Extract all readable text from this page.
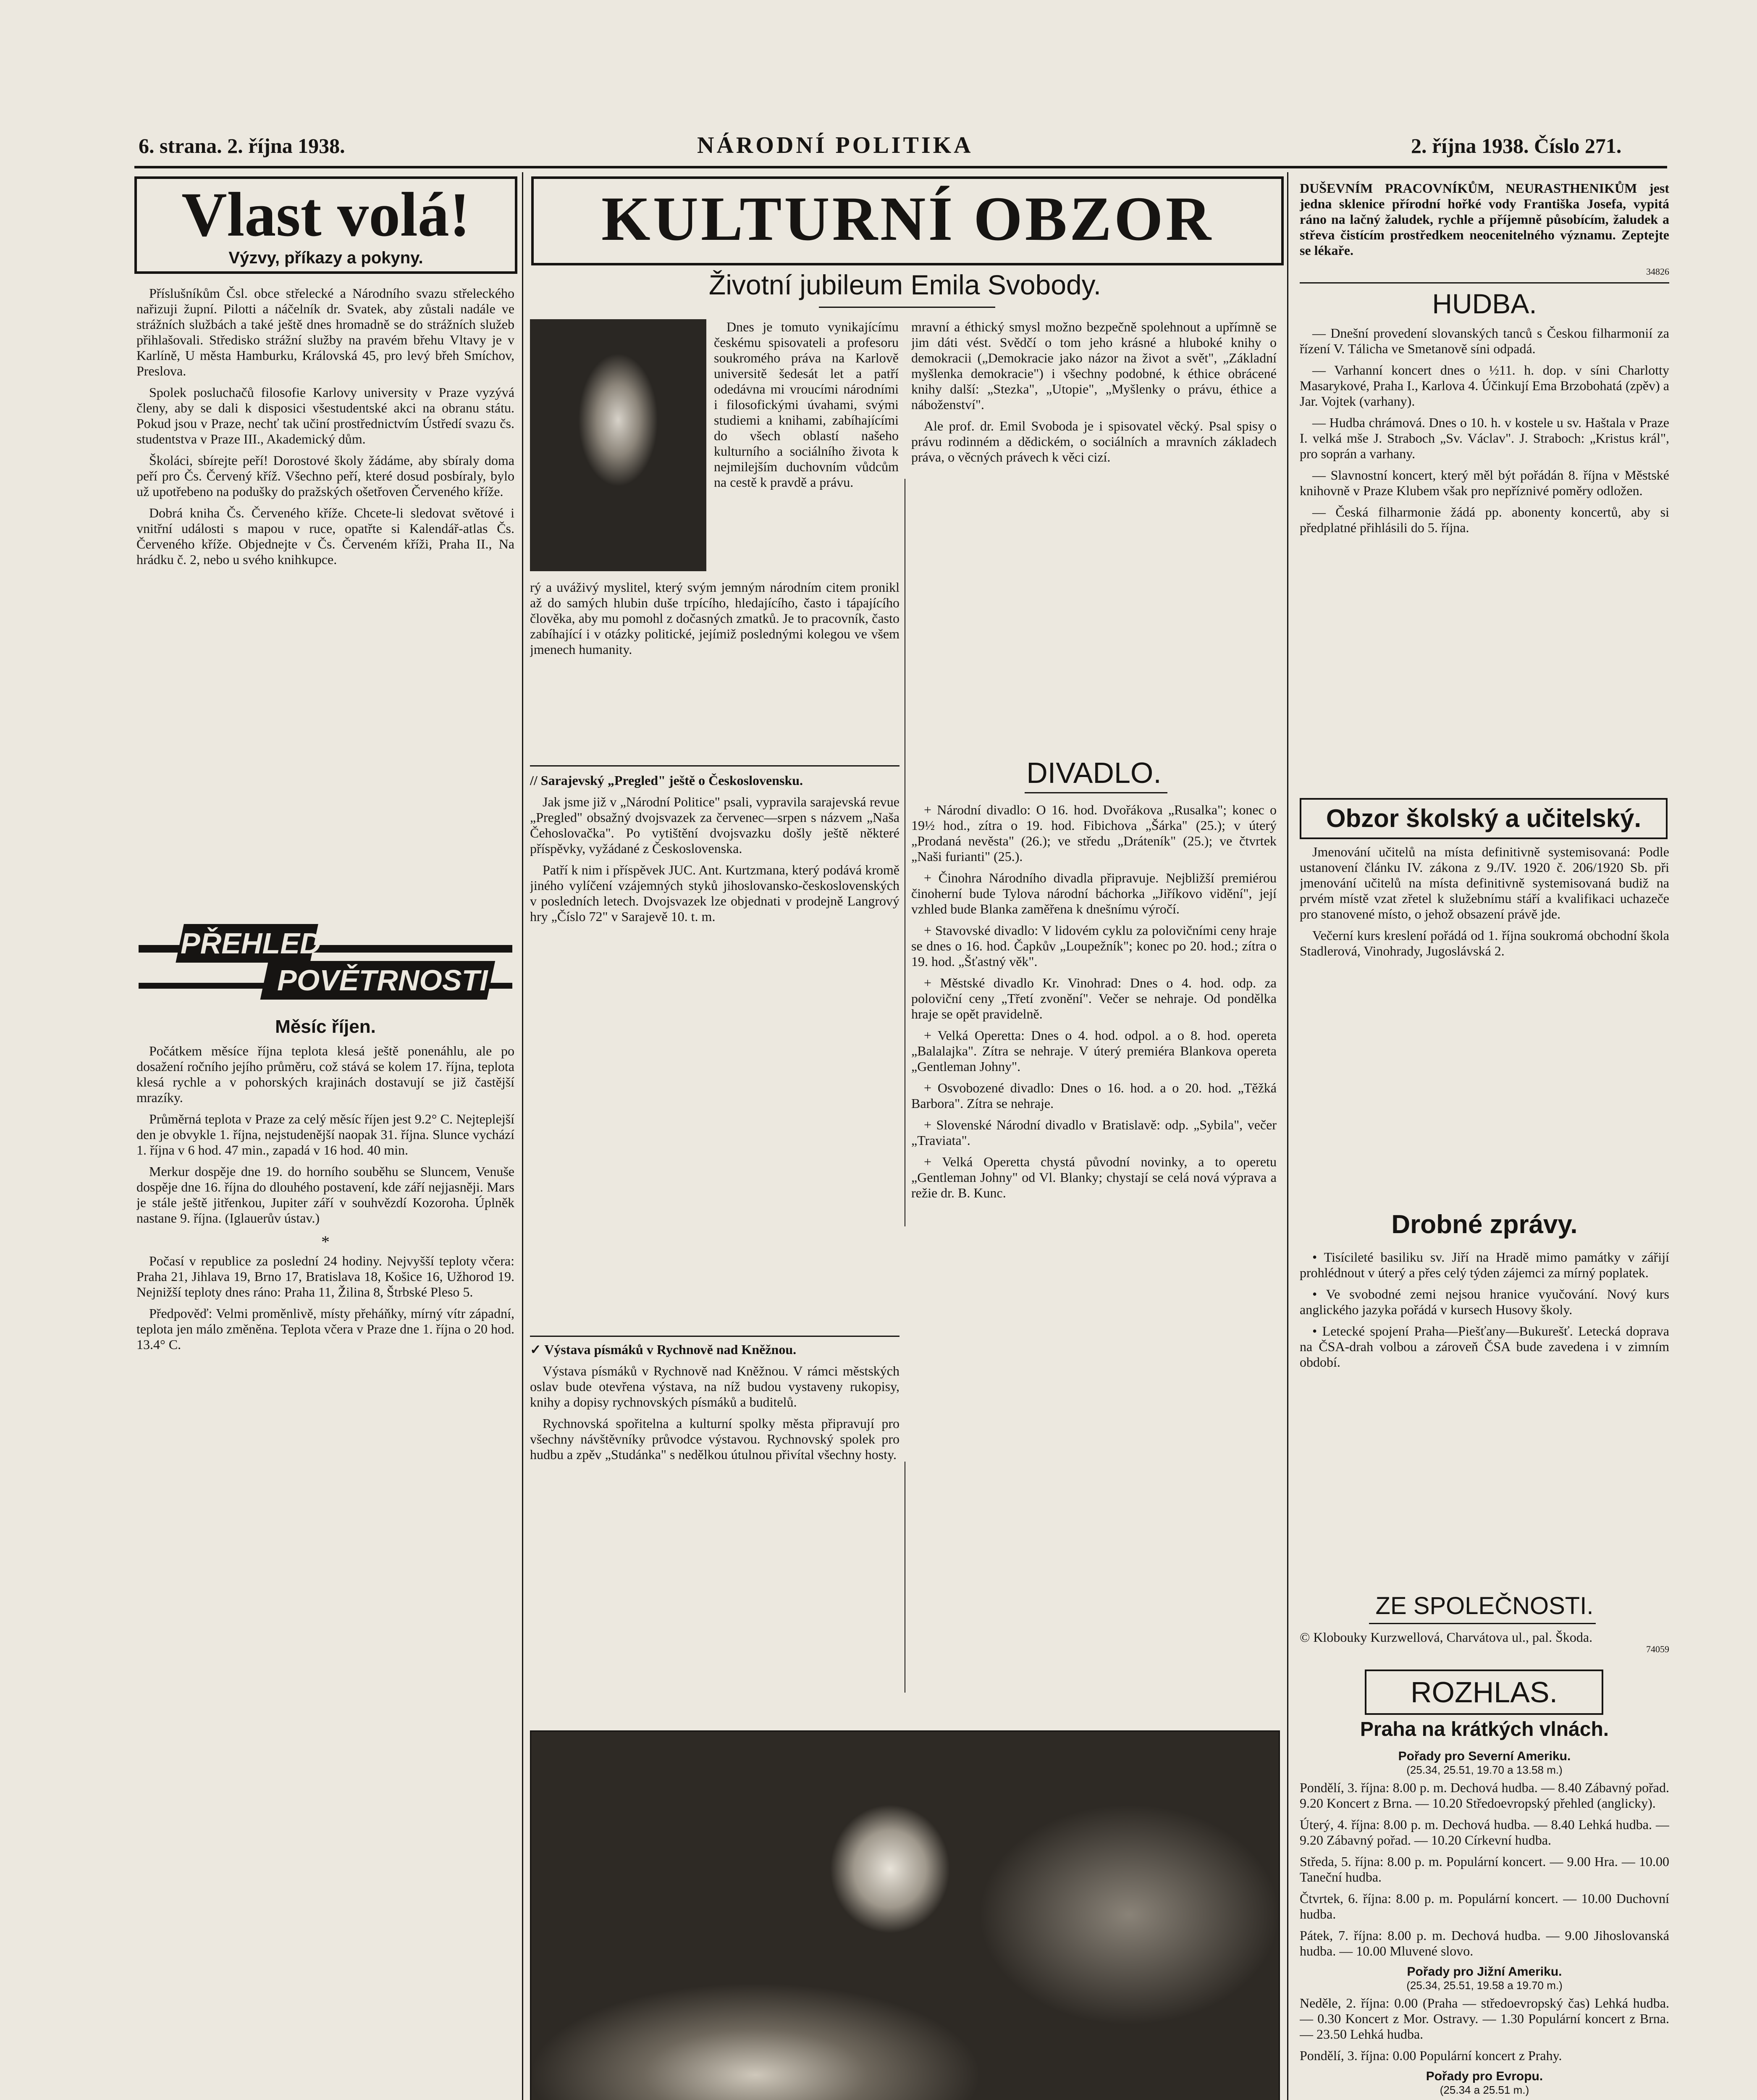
6. strana. 2. října 1938.	NÁRODNÍ POLITIKA	2. října 1938. Číslo 271.
Vlast volá!
Výzvy, příkazy a pokyny.

Příslušníkům Čsl. obce střelecké a Národního svazu střeleckého nařizuji župní. Pilotti a náčelník dr. Svatek, aby zůstali nadále ve strážních službách a také ještě dnes hromadně se do strážních služeb přihlašovali. Středisko strážní služby na pravém břehu Vltavy je v Karlíně, U města Hamburku, Královská 45, pro levý břeh Smíchov, Preslova.

Spolek posluchačů filosofie Karlovy university v Praze vyzývá členy, aby se dali k disposici všestudentské akci na obranu státu. Pokud jsou v Praze, nechť tak učiní prostřednictvím Ústředí svazu čs. studentstva v Praze III., Akademický dům.

Školáci, sbírejte peří! Dorostové školy žádáme, aby sbíraly doma peří pro Čs. Červený kříž. Všechno peří, které dosud posbíraly, bylo už upotřebeno na podušky do pražských ošetřoven Červeného kříže.

Dobrá kniha Čs. Červeného kříže. Chcete-li sledovat světové i vnitřní události s mapou v ruce, opatřte si Kalendář-atlas Čs. Červeného kříže. Objednejte v Čs. Červeném kříži, Praha II., Na hrádku č. 2, nebo u svého knihkupce.

PŘEHLED
POVĚTRNOSTI
Měsíc říjen.

Počátkem měsíce října teplota klesá ještě ponenáhlu, ale po dosažení ročního jejího průměru, což stává se kolem 17. října, teplota klesá rychle a v pohorských krajinách dostavují se již častější mrazíky.

Průměrná teplota v Praze za celý měsíc říjen jest 9.2° C. Nejteplejší den je obvykle 1. října, nejstudenější naopak 31. října. Slunce vychází 1. října v 6 hod. 47 min., zapadá v 16 hod. 40 min.

Merkur dospěje dne 19. do horního souběhu se Sluncem, Venuše dospěje dne 16. října do dlouhého postavení, kde září nejjasněji. Mars je stále ještě jitřenkou, Jupiter září v souhvězdí Kozoroha. Úplněk nastane 9. října. (Iglauerův ústav.)

*

Počasí v republice za poslední 24 hodiny. Nejvyšší teploty včera: Praha 21, Jihlava 19, Brno 17, Bratislava 18, Košice 16, Užhorod 19. Nejnižší teploty dnes ráno: Praha 11, Žilina 8, Štrbské Pleso 5.

Předpověď: Velmi proměnlivě, místy přeháňky, mírný vítr západní, teplota jen málo změněna. Teplota včera v Praze dne 1. října o 20 hod. 13.4° C.

KULTURNÍ OBZOR
Životní jubileum Emila Svobody.

Dnes je tomuto vynikajícímu českému spisovateli a profesoru soukromého práva na Karlově universitě šedesát let a patří odedávna mi vroucími národními i filosofickými úvahami, svými studiemi a knihami, zabíhajícími do všech oblastí našeho kulturního a sociálního života k nejmilejším duchovním vůdcům na cestě k pravdě a právu.

mravní a éthický smysl možno bezpečně spolehnout a upřímně se jim dáti vést. Svědčí o tom jeho krásné a hluboké knihy o demokracii („Demokracie jako názor na život a svět", „Základní myšlenka demokracie") i všechny podobné, k éthice obrácené knihy další: „Stezka", „Utopie", „Myšlenky o právu, éthice a náboženství".

Ale prof. dr. Emil Svoboda je i spisovatel věcký. Psal spisy o právu rodinném a dědickém, o sociálních a mravních základech práva, o věcných právech k věci cizí.

rý a uváživý myslitel, který svým jemným národním citem pronikl až do samých hlubin duše trpícího, hledajícího, často i tápajícího člověka, aby mu pomohl z dočasných zmatků. Je to pracovník, často zabíhající i v otázky politické, jejímiž poslednými kolegou ve všem jmenech humanity.

// Sarajevský „Pregled" ještě o Československu.

Jak jsme již v „Národní Politice" psali, vypravila sarajevská revue „Pregled" obsažný dvojsvazek za červenec—srpen s názvem „Naša Čehoslovačka". Po vytištění dvojsvazku došly ještě některé příspěvky, vyžádané z Československa.

Patří k nim i příspěvek JUC. Ant. Kurtzmana, který podává kromě jiného vylíčení vzájemných styků jihoslovansko-československých v posledních letech. Dvojsvazek lze objednati v prodejně Langrový hry „Číslo 72" v Sarajevě 10. t. m.

✓ Výstava písmáků v Rychnově nad Kněžnou.

Výstava písmáků v Rychnově nad Kněžnou. V rámci městských oslav bude otevřena výstava, na níž budou vystaveny rukopisy, knihy a dopisy rychnovských písmáků a buditelů.

Rychnovská spořitelna a kulturní spolky města připravují pro všechny návštěvníky průvodce výstavou. Rychnovský spolek pro hudbu a zpěv „Studánka" s nedělkou útulnou přivítal všechny hosty.

DIVADLO.

+ Národní divadlo: O 16. hod. Dvořákova „Rusalka"; konec o 19½ hod., zítra o 19. hod. Fibichova „Šárka" (25.); v úterý „Prodaná nevěsta" (26.); ve středu „Dráteník" (25.); ve čtvrtek „Naši furianti" (25.).

+ Činohra Národního divadla připravuje. Nejbližší premiérou činoherní bude Tylova národní báchorka „Jiříkovo vidění", její vzhled bude Blanka zaměřena k dnešnímu výročí.

+ Stavovské divadlo: V lidovém cyklu za polovičními ceny hraje se dnes o 16. hod. Čapkův „Loupežník"; konec po 20. hod.; zítra o 19. hod. „Šťastný věk".

+ Městské divadlo Kr. Vinohrad: Dnes o 4. hod. odp. za poloviční ceny „Třetí zvonění". Večer se nehraje. Od pondělka hraje se opět pravidelně.

+ Velká Operetta: Dnes o 4. hod. odpol. a o 8. hod. opereta „Balalajka". Zítra se nehraje. V úterý premiéra Blankova opereta „Gentleman Johny".

+ Osvobozené divadlo: Dnes o 16. hod. a o 20. hod. „Těžká Barbora". Zítra se nehraje.

+ Slovenské Národní divadlo v Bratislavě: odp. „Sybila", večer „Traviata".

+ Velká Operetta chystá původní novinky, a to operetu „Gentleman Johny" od Vl. Blanky; chystají se celá nová výprava a režie dr. B. Kunc.

DUŠEVNÍM PRACOVNÍKŮM, NEURASTHENIKŮM jest jedna sklenice přírodní hořké vody Františka Josefa, vypitá ráno na lačný žaludek, rychle a příjemně působícím, žaludek a střeva čistícím prostředkem neocenitelného významu. Zeptejte se lékaře.

34826
HUDBA.

— Dnešní provedení slovanských tanců s Českou filharmonií za řízení V. Tálicha ve Smetanově síni odpadá.

— Varhanní koncert dnes o ½11. h. dop. v síni Charlotty Masarykové, Praha I., Karlova 4. Účinkují Ema Brzobohatá (zpěv) a Jar. Vojtek (varhany).

— Hudba chrámová. Dnes o 10. h. v kostele u sv. Haštala v Praze I. velká mše J. Straboch „Sv. Václav". J. Straboch: „Kristus král", pro soprán a varhany.

— Slavnostní koncert, který měl být pořádán 8. října v Městské knihovně v Praze Klubem však pro nepříznivé poměry odložen.

— Česká filharmonie žádá pp. abonenty koncertů, aby si předplatné přihlásili do 5. října.

Obzor školský a učitelský.

Jmenování učitelů na místa definitivně systemisovaná: Podle ustanovení článku IV. zákona z 9./IV. 1920 č. 206/1920 Sb. při jmenování učitelů na místa definitivně systemisovaná budiž na prvém místě vzat zřetel k služebnímu stáří a kvalifikaci uchazeče pro stanovené místo, o jehož obsazení právě jde.

Večerní kurs kreslení pořádá od 1. října soukromá obchodní škola Stadlerová, Vinohrady, Jugoslávská 2.

Drobné zprávy.

• Tisícileté basiliku sv. Jiří na Hradě mimo památky v zářijí prohlédnout v úterý a přes celý týden zájemci za mírný poplatek.

• Ve svobodné zemi nejsou hranice vyučování. Nový kurs anglického jazyka pořádá v kursech Husovy školy.

• Letecké spojení Praha—Piešťany—Bukurešť. Letecká doprava na ČSA-drah volbou a zároveň ČSA bude zavedena i v zimním období.

ZE SPOLEČNOSTI.

© Klobouky Kurzwellová, Charvátova ul., pal. Škoda.

74059
ROZHLAS.
Praha na krátkých vlnách.
Pořady pro Severní Ameriku.
(25.34, 25.51, 19.70 a 13.58 m.)

Pondělí, 3. října: 8.00 p. m. Dechová hudba. — 8.40 Zábavný pořad. 9.20 Koncert z Brna. — 10.20 Středoevropský přehled (anglicky).

Úterý, 4. října: 8.00 p. m. Dechová hudba. — 8.40 Lehká hudba. — 9.20 Zábavný pořad. — 10.20 Církevní hudba.

Středa, 5. října: 8.00 p. m. Populární koncert. — 9.00 Hra. — 10.00 Taneční hudba.

Čtvrtek, 6. října: 8.00 p. m. Populární koncert. — 10.00 Duchovní hudba.

Pátek, 7. října: 8.00 p. m. Dechová hudba. — 9.00 Jihoslovanská hudba. — 10.00 Mluvené slovo.

Pořady pro Jižní Ameriku.
(25.34, 25.51, 19.58 a 19.70 m.)

Neděle, 2. října: 0.00 (Praha — středoevropský čas) Lehká hudba. — 0.30 Koncert z Mor. Ostravy. — 1.30 Populární koncert z Brna. — 23.50 Lehká hudba.

Pondělí, 3. října: 0.00 Populární koncert z Prahy.

Pořady pro Evropu.
(25.34 a 25.51 m.)
